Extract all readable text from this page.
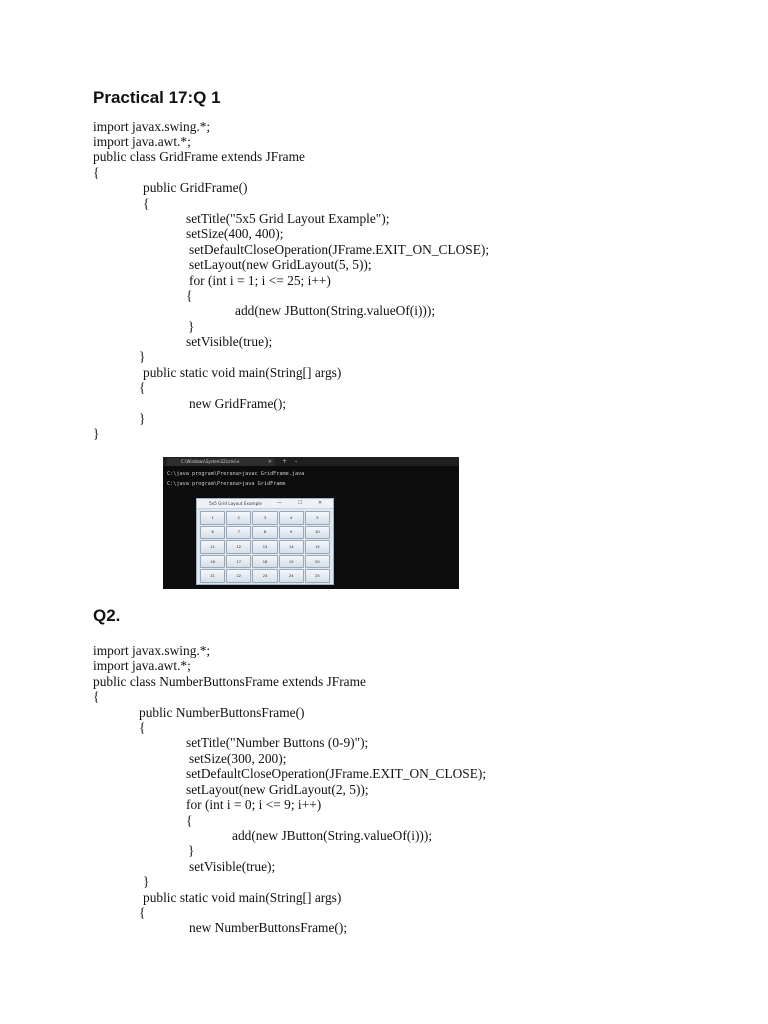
Practical 17:Q 1
import javax.swing.*;
import java.awt.*;
public class GridFrame extends JFrame
{
public GridFrame()
{
setTitle("5x5 Grid Layout Example");
setSize(400, 400);
setDefaultCloseOperation(JFrame.EXIT_ON_CLOSE);
setLayout(new GridLayout(5, 5));
for (int i = 1; i <= 25; i++)
{
add(new JButton(String.valueOf(i)));
}
setVisible(true);
}
public static void main(String[] args)
{
new GridFrame();
}
}
C:\Windows\System32\cmd.e	× + ⌄
C:\java program\Prerana>javac GridFrame.java
C:\java program\Prerana>java GridFrame
5x5 Grid Layout Example	—	☐	✕
1	2	3	4	5
6	7	8	9	10
11	12	13	14	15
16	17	18	19	20
21	22	23	24	25
Q2.
import javax.swing.*;
import java.awt.*;
public class NumberButtonsFrame extends JFrame
{
public NumberButtonsFrame()
{
setTitle("Number Buttons (0-9)");
setSize(300, 200);
setDefaultCloseOperation(JFrame.EXIT_ON_CLOSE);
setLayout(new GridLayout(2, 5));
for (int i = 0; i <= 9; i++)
{
add(new JButton(String.valueOf(i)));
}
setVisible(true);
}
public static void main(String[] args)
{
new NumberButtonsFrame();
